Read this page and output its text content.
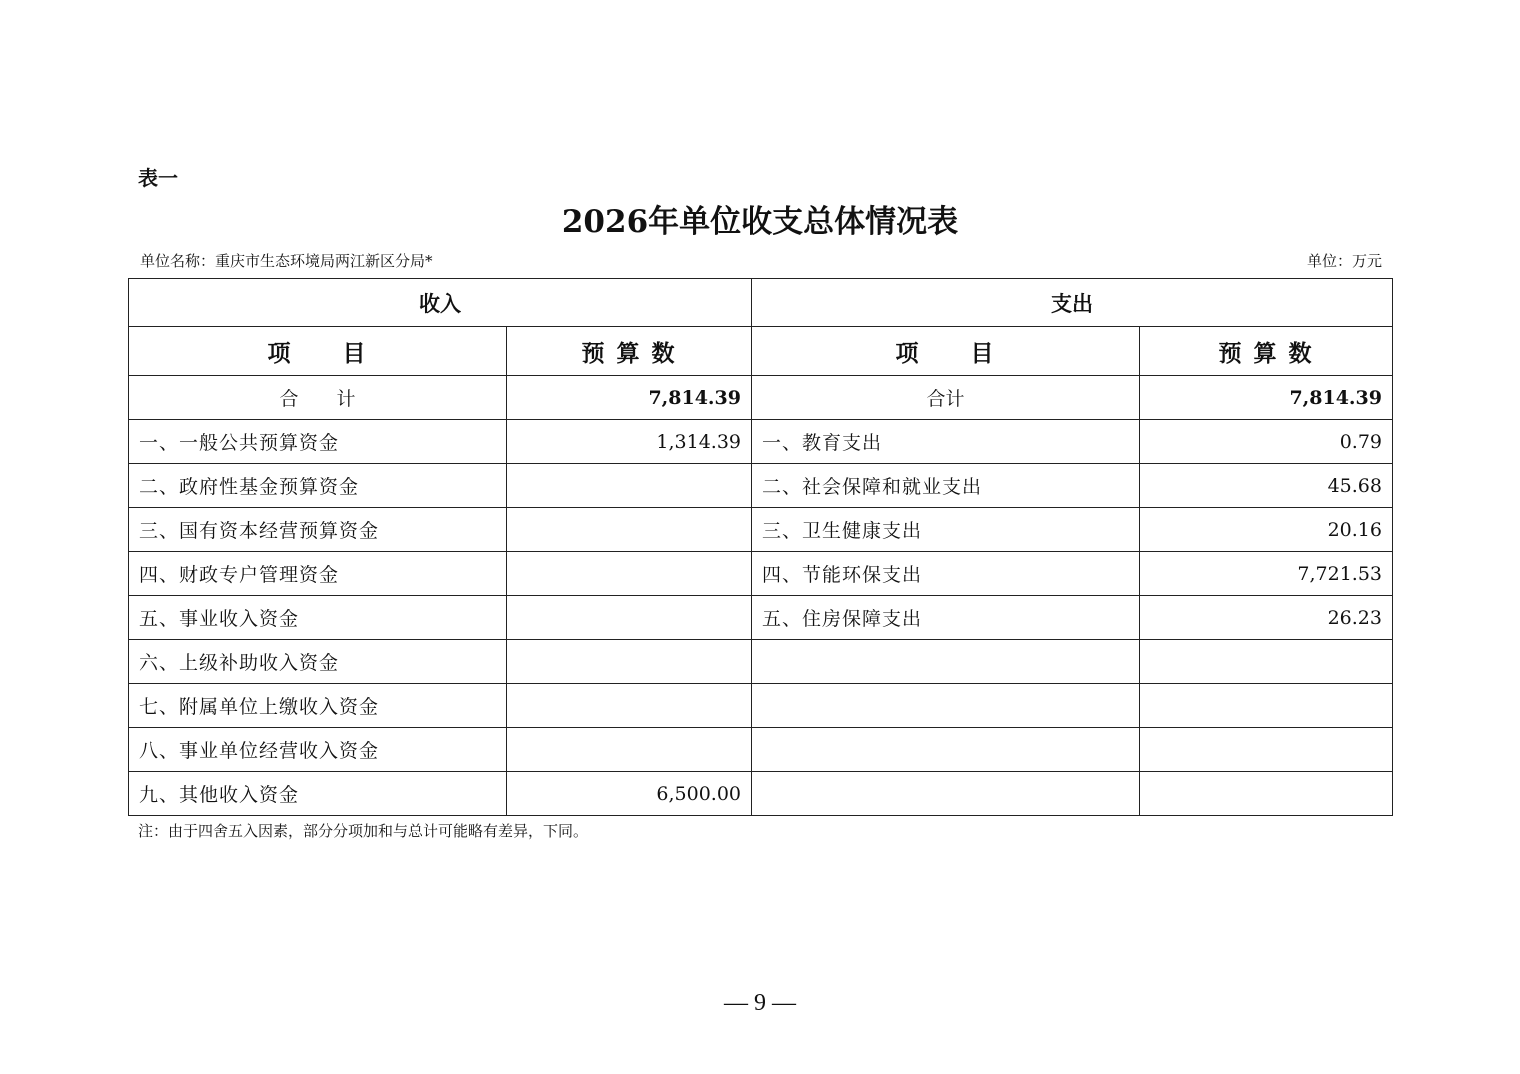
表一
2026年单位收支总体情况表
单位名称：重庆市生态环境局两江新区分局*	单位：万元
收入		支出	
项　　目	预 算 数	项　　目	预 算 数
合　　计	7,814.39	合计	7,814.39
一、一般公共预算资金	1,314.39	一、教育支出	0.79
二、政府性基金预算资金		二、社会保障和就业支出	45.68
三、国有资本经营预算资金		三、卫生健康支出	20.16
四、财政专户管理资金		四、节能环保支出	7,721.53
五、事业收入资金		五、住房保障支出	26.23
六、上级补助收入资金			
七、附属单位上缴收入资金			
八、事业单位经营收入资金			
九、其他收入资金	6,500.00		
注：由于四舍五入因素，部分分项加和与总计可能略有差异，下同。
— 9 —
